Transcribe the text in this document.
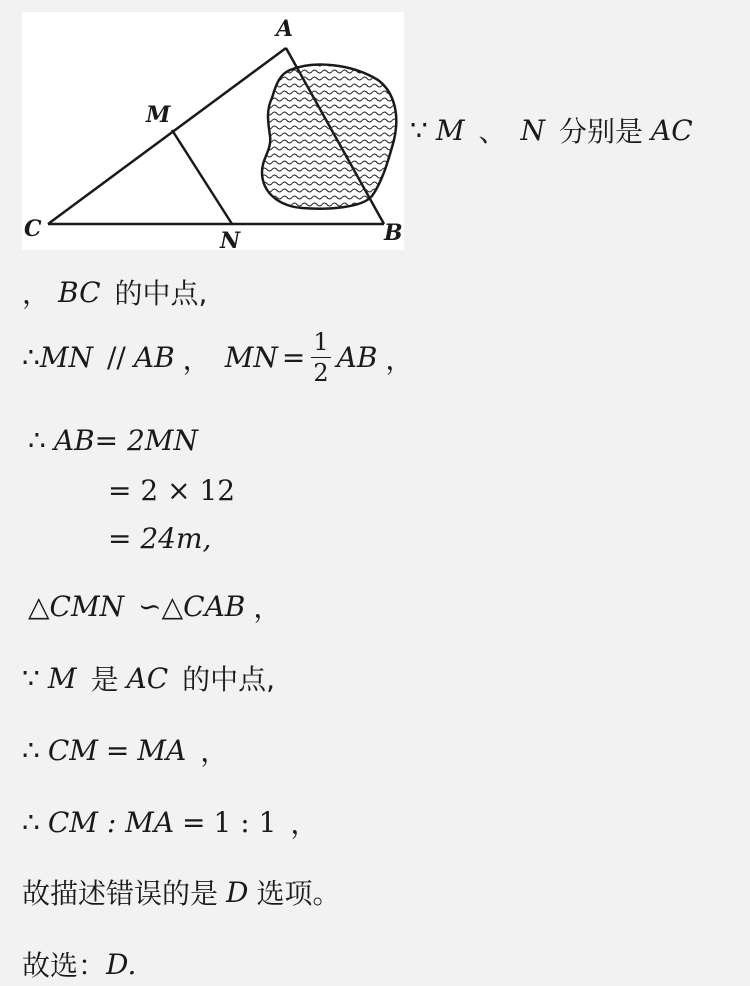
A
M
C	N	B
∵ M 、 N 分别是 AC
， BC 的中点,
∴ MN // AB ， MN = $\frac{1}{2}$ AB ，
∴ AB = 2MN
= 2 × 12
= 24m,
△CMN ∽ △CAB ，
∵ M 是 AC 的中点,
∴ CM = MA ，
∴ CM : MA = 1 : 1 ，
故描述错误的是 D 选项。
故选： D.
